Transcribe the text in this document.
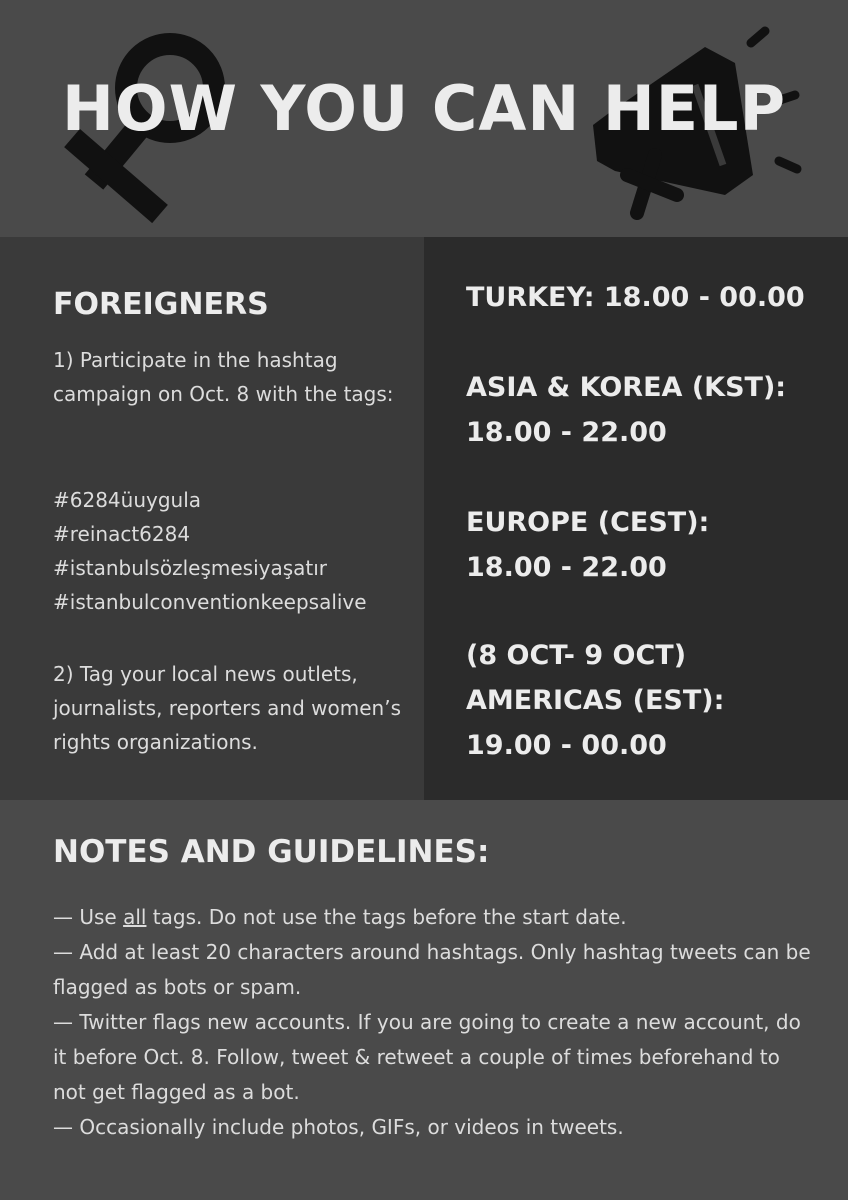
HOW YOU CAN HELP
FOREIGNERS

1) Participate in the hashtag campaign on Oct. 8 with the tags:

#6284üuygula
#reinact6284
#istanbulsözleşmesiyaşatır
#istanbulconventionkeepsalive

2) Tag your local news outlets, journalists, reporters and women’s rights organizations.

TURKEY: 18.00 - 00.00
ASIA & KOREA (KST):
18.00 - 22.00
EUROPE (CEST):
18.00 - 22.00
(8 OCT- 9 OCT)
AMERICAS (EST):
19.00 - 00.00
NOTES AND GUIDELINES:
— Use all tags. Do not use the tags before the start date.
— Add at least 20 characters around hashtags. Only hashtag tweets can be flagged as bots or spam.
— Twitter flags new accounts. If you are going to create a new account, do it before Oct. 8. Follow, tweet & retweet a couple of times beforehand to not get flagged as a bot.
— Occasionally include photos, GIFs, or videos in tweets.
